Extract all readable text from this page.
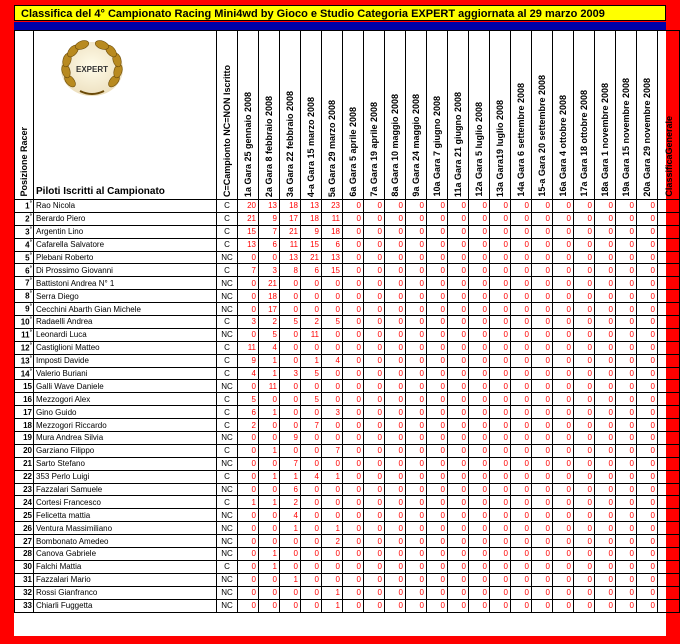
Classifica del 4° Campionato Racing Mini4wd by Gioco e Studio Categoria EXPERT aggiornata al 29 marzo 2009
Posizione Racer	EXPERT
Piloti Iscritti al Campionato	C=Campionto NC=NON Iscritto	1a Gara 25 gennaio 2008	2a Gara 8 febbraio 2008	3a Gara 22 febbraio 2008	4-a Gara 15 marzo 2008	5a Gara 29 marzo 2008	6a Gara 5 aprile 2008	7a Gara 19 aprile 2008	8a Gara 10 maggio 2008	9a Gara 24 maggio 2008	10a Gara 7 giugno 2008	11a Gara 21 giugno 2008	12a Gara 5 luglio 2008	13a Gara19 luglio 2008	14a Gara 6 settembre 2008	15-a Gara 20 settembre 2008	16a Gara 4 ottobre 2008	17a Gara 18 ottobre 2008	18a Gara 1 novembre 2008	19a Gara 15 novembre 2008	20a Gara 29 novembre 2008	ClassificaGenerale

1°	Rao Nicola	C	20	13	18	13	23	0	0	0	0	0	0	0	0	0	0	0	0	0	0	0	87
2°	Berardo Piero	C	21	9	17	18	11	0	0	0	0	0	0	0	0	0	0	0	0	0	0	0	76
3°	Argentin Lino	C	15	7	21	9	18	0	0	0	0	0	0	0	0	0	0	0	0	0	0	0	70
4°	Cafarella Salvatore	C	13	6	11	15	6	0	0	0	0	0	0	0	0	0	0	0	0	0	0	0	51
5°	Plebani Roberto	NC	0	0	13	21	13	0	0	0	0	0	0	0	0	0	0	0	0	0	0	0	47
6°	Di Prossimo Giovanni	C	7	3	8	6	15	0	0	0	0	0	0	0	0	0	0	0	0	0	0	0	39
7°	Battistoni Andrea N° 1	NC	0	21	0	0	0	0	0	0	0	0	0	0	0	0	0	0	0	0	0	0	21
8°	Serra Diego	NC	0	18	0	0	0	0	0	0	0	0	0	0	0	0	0	0	0	0	0	0	18
9°	Cecchini Abarth Gian Michele	NC	0	17	0	0	0	0	0	0	0	0	0	0	0	0	0	0	0	0	0	0	17
10°	Radaelli Andrea	C	3	2	5	2	5	0	0	0	0	0	0	0	0	0	0	0	0	0	0	0	17
11°	Leonardi Luca	NC	0	5	0	11	0	0	0	0	0	0	0	0	0	0	0	0	0	0	0	0	16
12°	Castiglioni Matteo	C	11	4	0	0	0	0	0	0	0	0	0	0	0	0	0	0	0	0	0	0	15
13°	Imposti Davide	C	9	1	0	1	4	0	0	0	0	0	0	0	0	0	0	0	0	0	0	0	15
14°	Valerio Buriani	C	4	1	3	5	0	0	0	0	0	0	0	0	0	0	0	0	0	0	0	0	13
15	Galli Wave Daniele	NC	0	11	0	0	0	0	0	0	0	0	0	0	0	0	0	0	0	0	0	0	11
16	Mezzogori Alex	C	5	0	0	5	0	0	0	0	0	0	0	0	0	0	0	0	0	0	0	0	10
17	Gino Guido	C	6	1	0	0	3	0	0	0	0	0	0	0	0	0	0	0	0	0	0	0	10
18	Mezzogori Riccardo	C	2	0	0	7	0	0	0	0	0	0	0	0	0	0	0	0	0	0	0	0	9
19	Mura Andrea Silvia	NC	0	0	9	0	0	0	0	0	0	0	0	0	0	0	0	0	0	0	0	0	9
20	Garziano Filippo	C	0	1	0	0	7	0	0	0	0	0	0	0	0	0	0	0	0	0	0	0	8
21	Sarto Stefano	NC	0	0	7	0	0	0	0	0	0	0	0	0	0	0	0	0	0	0	0	0	7
22	353 Perlo Luigi	C	0	1	1	4	1	0	0	0	0	0	0	0	0	0	0	0	0	0	0	0	7
23	Fazzalari Samuele	NC	0	0	6	0	0	0	0	0	0	0	0	0	0	0	0	0	0	0	0	0	6
24	Cortesi Francesco	C	1	1	2	0	0	0	0	0	0	0	0	0	0	0	0	0	0	0	0	0	4
25	Felicetta mattia	NC	0	0	4	0	0	0	0	0	0	0	0	0	0	0	0	0	0	0	0	0	4
26	Ventura Massimiliano	NC	0	0	1	0	1	0	0	0	0	0	0	0	0	0	0	0	0	0	0	0	3
27	Bombonato Amedeo	NC	0	0	0	0	2	0	0	0	0	0	0	0	0	0	0	0	0	0	0	0	2
28	Canova Gabriele	NC	0	1	0	0	0	0	0	0	0	0	0	0	0	0	0	0	0	0	0	0	1
30	Falchi Mattia	C	0	1	0	0	0	0	0	0	0	0	0	0	0	0	0	0	0	0	0	0	1
31	Fazzalari Mario	NC	0	0	1	0	0	0	0	0	0	0	0	0	0	0	0	0	0	0	0	0	1
32	Rossi Gianfranco	NC	0	0	0	0	1	0	0	0	0	0	0	0	0	0	0	0	0	0	0	0	1
33	Chiarli Fuggetta	NC	0	0	0	0	1	0	0	0	0	0	0	0	0	0	0	0	0	0	0	0	1
